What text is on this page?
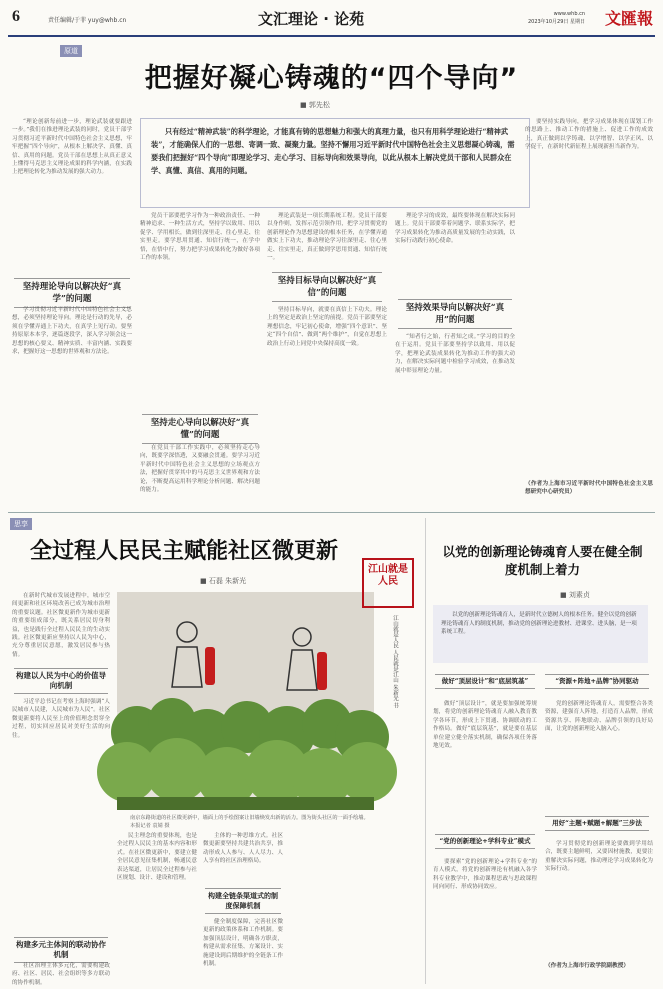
6	责任编辑/于菲 yuy@whb.cn	文汇理论 · 论苑	www.whb.cn
2023年10月29日 星期日 文匯報
原道
把握好凝心铸魂的“四个导向”
■ 郭先松
只有经过“精神武装”的科学理论，才能真有铸的思想魅力和强大的真理力量，也只有用科学理论进行“精神武装”，才能确保人们的一思想、寄调一致、凝聚力量。坚持不懈用习近平新时代中国特色社会主义思想凝心铸魂，需要我们把握好“四个导向”即理论学习、走心学习、目标导向和效果导向，以此从根本上解决党员干部和人民群众在学、真懂、真信、真用的问题。
“理论创新每前进一步，理论武装就要跟进一步。”我们在推进理论武装的同时，党员干部学习贯彻习近平新时代中国特色社会主义思想，牢牢把握“四个导向”，从根本上解决学、真懂、真信、真用的问题。党员干部在思想上从真正意义上懂得马克思主义理论成果的科学内涵，在实践上把理论转化为推动发展的强大动力。
坚持理论导向以解决好“真学”的问题
学习贯彻习近平新时代中国特色社会主义思想，必须坚持理论导向。理论是行动的先导，必须在学懂弄通上下功夫，在真学上见行动。要坚持原原本本学，逐篇逐段学，深入学习领会这一思想的核心要义、精神实质、丰富内涵、实践要求，把握好这一思想的世界观和方法论。
党员干部要把学习作为一种政治责任、一种精神追求、一种生活方式，坚持学以致用、用以促学、学用相长，做到往深里走、往心里走、往实里走。要学思用贯通、知信行统一，在学中悟，在悟中行，努力把学习成果转化为做好各项工作的本领。
坚持走心导向以解决好“真懂”的问题
在党员干部工作实践中，必须坚持走心导向，既要学深悟透，又要融会贯通。要学习习近平新时代中国特色社会主义思想的立场观点方法，把握好贯穿其中的马克思主义世界观和方法论，不断提高运用科学理论分析问题、解决问题的能力。
理论武装是一项长期系统工程。党员干部要以身作则，发挥示范引领作用，把学习贯彻党的创新理论作为思想建设的根本任务，在学懂弄通做实上下功夫，推动理论学习往深里走、往心里走、往实里走，真正做到学思用贯通、知信行统一。
坚持目标导向以解决好“真信”的问题
坚持目标导向，就要在真信上下功夫。理论上的坚定是政治上坚定的前提。党员干部要坚定理想信念，牢记初心使命，增强“四个意识”、坚定“四个自信”、做到“两个维护”，自觉在思想上政治上行动上同党中央保持高度一致。
理论学习的成效，最终要体现在解决实际问题上。党员干部要带着问题学、联系实际学，把学习成果转化为推动高质量发展的生动实践，以实际行动践行初心使命。
坚持效果导向以解决好“真用”的问题
“知者行之始，行者知之成。”学习的目的全在于运用。党员干部要坚持学以致用、用以促学，把理论武装成果转化为推动工作的强大动力，在解决实际问题中检验学习成效，在推动发展中彰显理论力量。
要坚持实践导向，把学习成果体现在谋划工作的思路上、推动工作的措施上、促进工作的成效上，真正做到以学铸魂、以学增智、以学正风、以学促干，在新时代新征程上展现新担当新作为。
（作者为上海市习近平新时代中国特色社会主义思想研究中心研究员）
思享
全过程人民民主赋能社区微更新
■ 石磊 朱新光
在新时代城市发展进程中，城市空间更新和社区环境改善已成为城市治理的重要议题。社区微更新作为城市更新的重要组成部分，既关系居民切身利益，也是践行全过程人民民主的生动实践。社区微更新应坚持以人民为中心，充分尊重居民意愿，激发居民参与热情。
构建以人民为中心的价值导向机制
习近平总书记在考察上海时强调“人民城市人民建，人民城市为人民”。社区微更新要将人民至上的价值理念贯穿全过程，切实回应居民对美好生活的向往。
构建多元主体间的联动协作机制
社区治理主体多元化，需要构建政府、社区、居民、社会组织等多方联动的协作机制。
南京东路街道的社区微更新中，墙面上的手绘图案让旧墙焕发出新的活力。图为街头社区的一面手绘墙。本报记者 袁婧 摄
江山就是人民
江山就是人民 人民就是江山 朱新光 书
民主理念的重要体现，也是全过程人民民主的基本内容和形式。在社区微更新中，要建立健全居民意见征集机制，畅通民意表达渠道，让居民全过程参与社区规划、设计、建设和管理。
主体的一种思维方式。社区微更新要坚持共建共治共享，推动形成人人参与、人人尽力、人人享有的社区治理格局。
构建全链条渠道式的制度保障机制
健全制度保障，完善社区微更新的政策体系和工作机制。要加强顶层设计，明确各方职责，构建从需求征集、方案设计、实施建设到后期维护的全链条工作机制。
以党的创新理论铸魂育人要在健全制度机制上着力
■ 刘素贞
以党的创新理论铸魂育人，是新时代立德树人的根本任务。健全以党的创新理论铸魂育人的制度机制，推动党的创新理论进教材、进课堂、进头脑，是一项系统工程。
做好“顶层设计”和“底层筑基”
做好“顶层设计”，就是要加强统筹规划，将党的创新理论铸魂育人融入教育教学各环节，形成上下贯通、协调联动的工作格局。做好“底层筑基”，就是要在基层单位建立健全落实机制，确保各项任务落地见效。
“党的创新理论+学科专业”模式
要探索“党的创新理论+学科专业”的育人模式，将党的创新理论有机融入各学科专业教学中，推动课程思政与思政课程同向同行、形成协同效应。
“资源+阵地+品牌”协同驱动
党的创新理论铸魂育人，需要整合各类资源，建强育人阵地，打造育人品牌，形成资源共享、阵地联动、品牌引领的良好局面，让党的创新理论入脑入心。
用好“主题+赋题+解题”三步法
学习贯彻党的创新理论要做到学用结合，既要主题鲜明，又要因材施教，更要注重解决实际问题，推动理论学习成果转化为实际行动。
（作者为上海市行政学院副教授）
